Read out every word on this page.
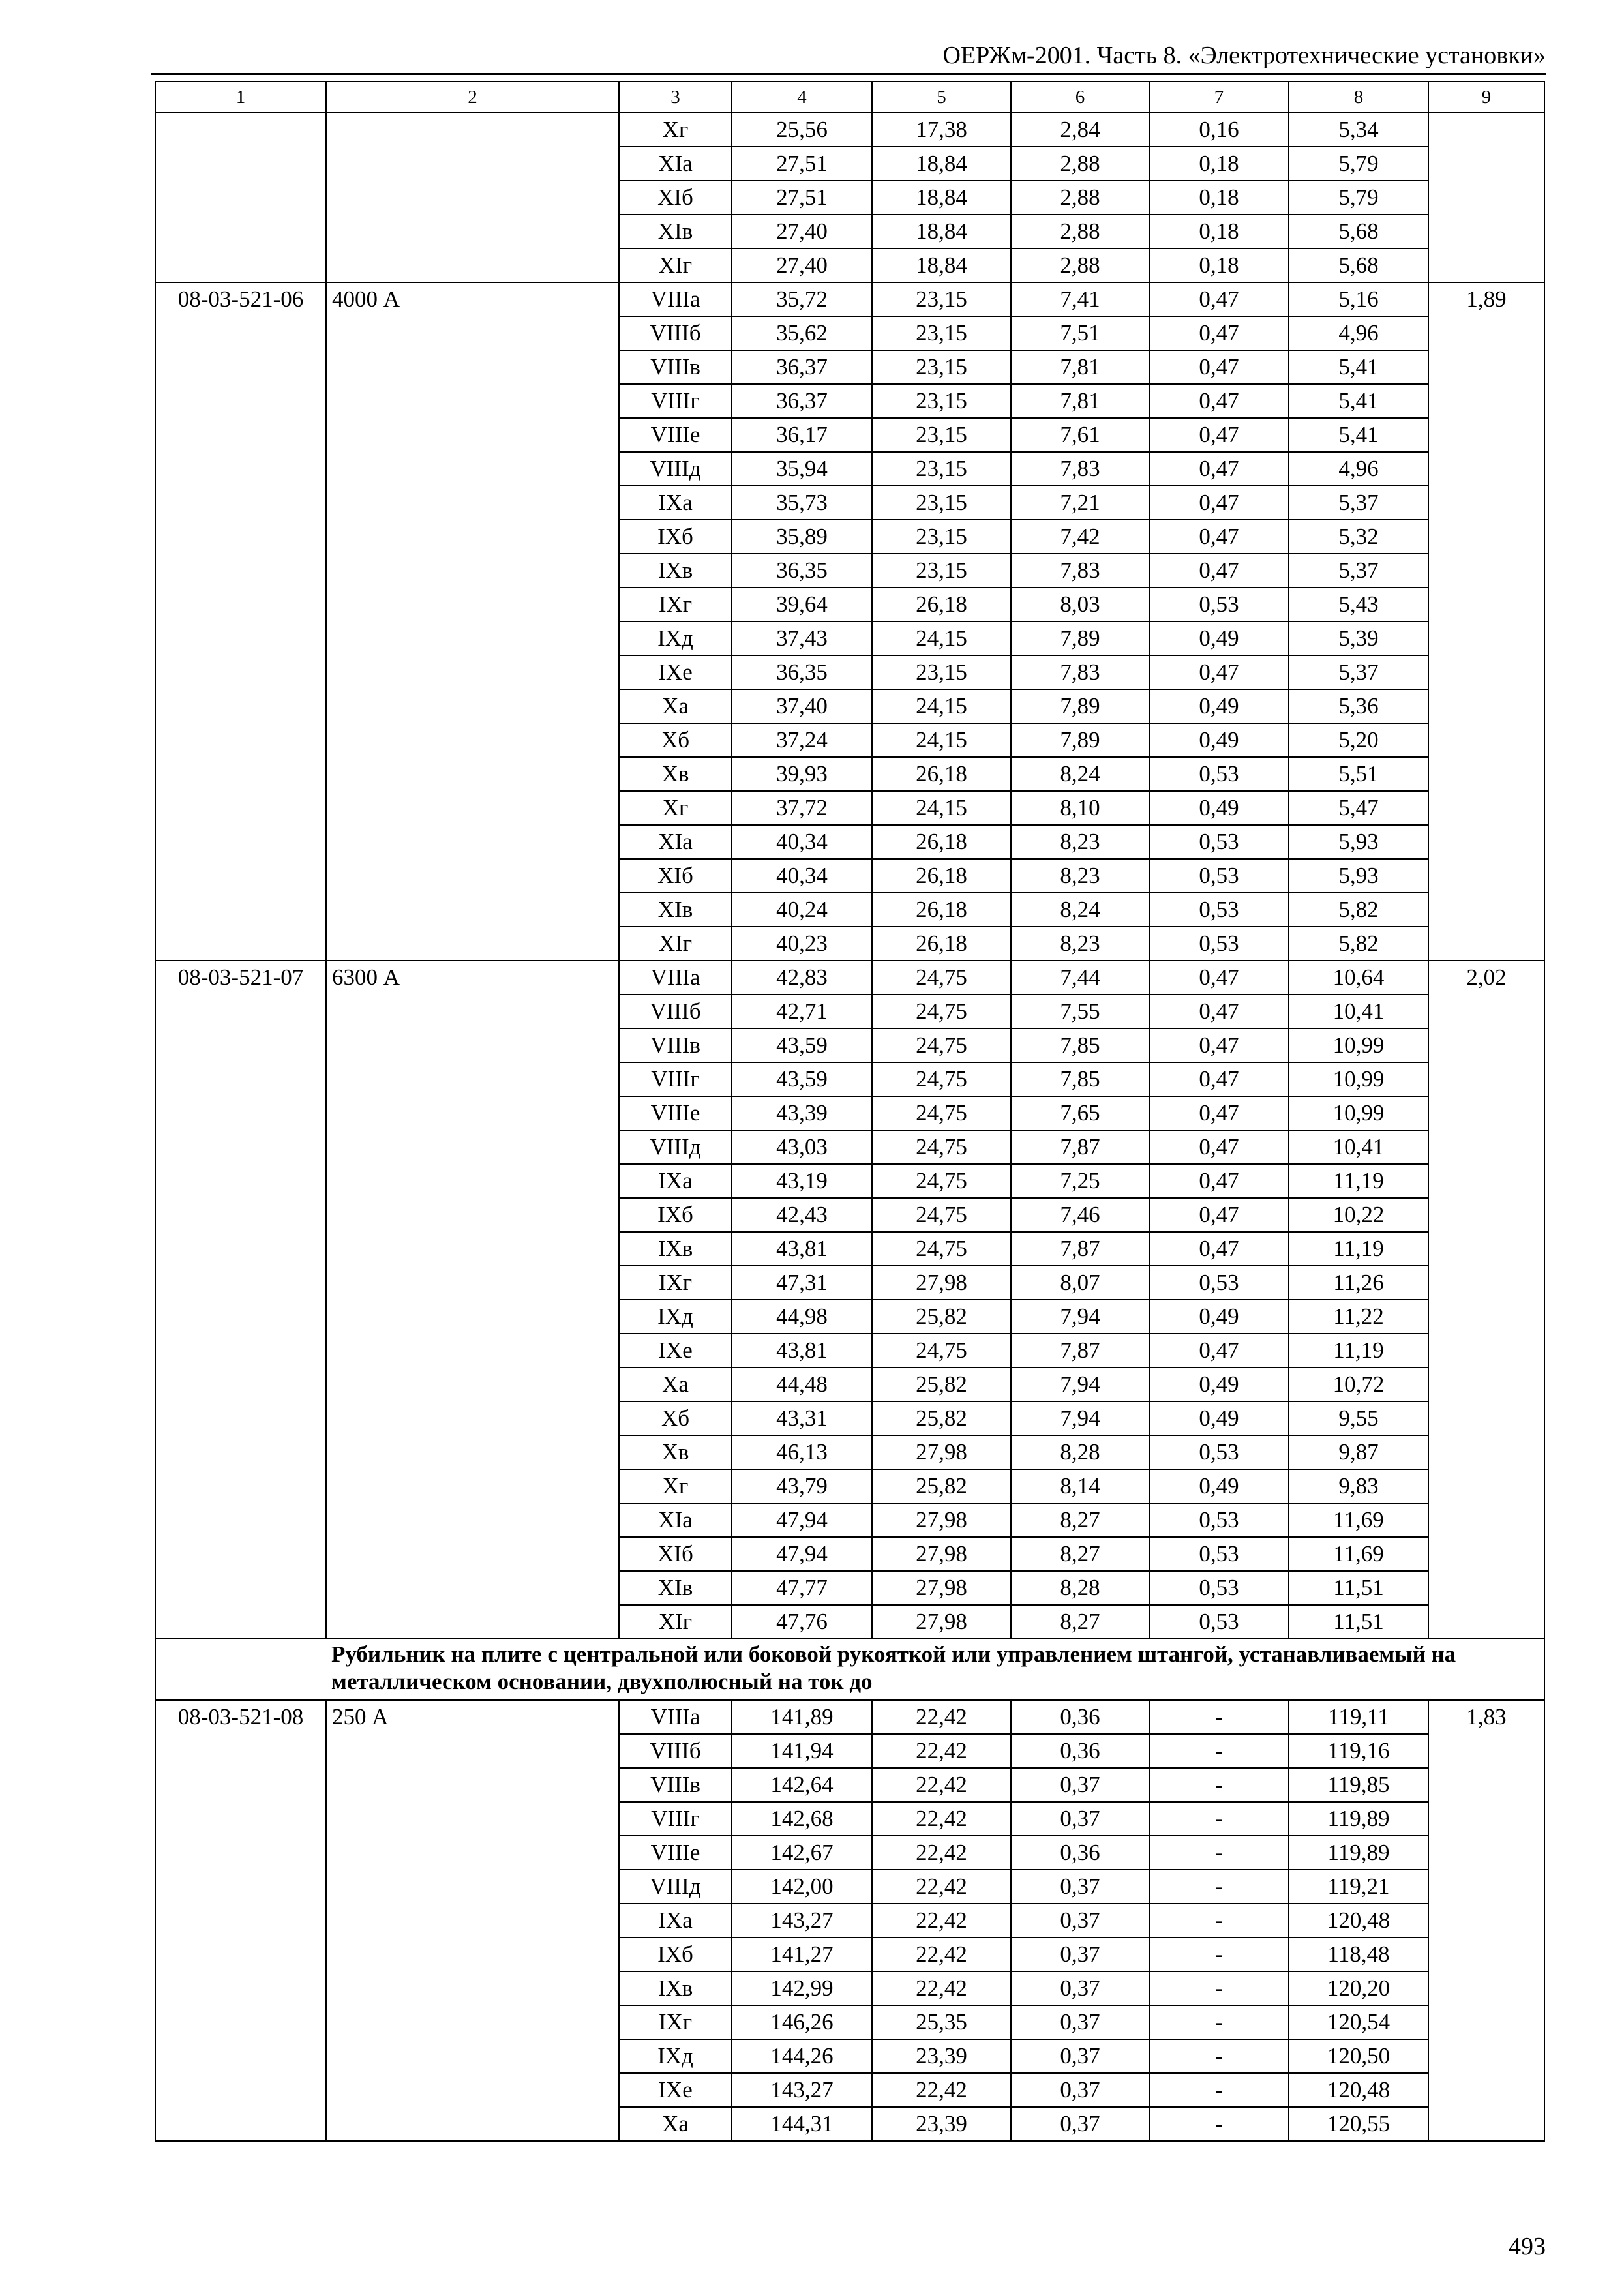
ОЕРЖм-2001. Часть 8. «Электротехнические установки»
1	2	3	4	5	6	7	8	9
		Xг	25,56	17,38	2,84	0,16	5,34	
		XIа	27,51	18,84	2,88	0,18	5,79	
		XIб	27,51	18,84	2,88	0,18	5,79	
		XIв	27,40	18,84	2,88	0,18	5,68	
		XIг	27,40	18,84	2,88	0,18	5,68	
08-03-521-06	4000 А	VIIIа	35,72	23,15	7,41	0,47	5,16	1,89
		VIIIб	35,62	23,15	7,51	0,47	4,96	
		VIIIв	36,37	23,15	7,81	0,47	5,41	
		VIIIг	36,37	23,15	7,81	0,47	5,41	
		VIIIе	36,17	23,15	7,61	0,47	5,41	
		VIIIд	35,94	23,15	7,83	0,47	4,96	
		IXа	35,73	23,15	7,21	0,47	5,37	
		IXб	35,89	23,15	7,42	0,47	5,32	
		IXв	36,35	23,15	7,83	0,47	5,37	
		IXг	39,64	26,18	8,03	0,53	5,43	
		IXд	37,43	24,15	7,89	0,49	5,39	
		IXе	36,35	23,15	7,83	0,47	5,37	
		Xа	37,40	24,15	7,89	0,49	5,36	
		Xб	37,24	24,15	7,89	0,49	5,20	
		Xв	39,93	26,18	8,24	0,53	5,51	
		Xг	37,72	24,15	8,10	0,49	5,47	
		XIа	40,34	26,18	8,23	0,53	5,93	
		XIб	40,34	26,18	8,23	0,53	5,93	
		XIв	40,24	26,18	8,24	0,53	5,82	
		XIг	40,23	26,18	8,23	0,53	5,82	
08-03-521-07	6300 А	VIIIа	42,83	24,75	7,44	0,47	10,64	2,02
		VIIIб	42,71	24,75	7,55	0,47	10,41	
		VIIIв	43,59	24,75	7,85	0,47	10,99	
		VIIIг	43,59	24,75	7,85	0,47	10,99	
		VIIIе	43,39	24,75	7,65	0,47	10,99	
		VIIIд	43,03	24,75	7,87	0,47	10,41	
		IXа	43,19	24,75	7,25	0,47	11,19	
		IXб	42,43	24,75	7,46	0,47	10,22	
		IXв	43,81	24,75	7,87	0,47	11,19	
		IXг	47,31	27,98	8,07	0,53	11,26	
		IXд	44,98	25,82	7,94	0,49	11,22	
		IXе	43,81	24,75	7,87	0,47	11,19	
		Xа	44,48	25,82	7,94	0,49	10,72	
		Xб	43,31	25,82	7,94	0,49	9,55	
		Xв	46,13	27,98	8,28	0,53	9,87	
		Xг	43,79	25,82	8,14	0,49	9,83	
		XIа	47,94	27,98	8,27	0,53	11,69	
		XIб	47,94	27,98	8,27	0,53	11,69	
		XIв	47,77	27,98	8,28	0,53	11,51	
		XIг	47,76	27,98	8,27	0,53	11,51	
	Рубильник на плите с центральной или боковой рукояткой или управлением штангой, устанавливаемый на металлическом основании, двухполюсный на ток до							
08-03-521-08	250 А	VIIIа	141,89	22,42	0,36	-	119,11	1,83
		VIIIб	141,94	22,42	0,36	-	119,16	
		VIIIв	142,64	22,42	0,37	-	119,85	
		VIIIг	142,68	22,42	0,37	-	119,89	
		VIIIе	142,67	22,42	0,36	-	119,89	
		VIIIд	142,00	22,42	0,37	-	119,21	
		IXа	143,27	22,42	0,37	-	120,48	
		IXб	141,27	22,42	0,37	-	118,48	
		IXв	142,99	22,42	0,37	-	120,20	
		IXг	146,26	25,35	0,37	-	120,54	
		IXд	144,26	23,39	0,37	-	120,50	
		IXе	143,27	22,42	0,37	-	120,48	
		Xа	144,31	23,39	0,37	-	120,55	
493
